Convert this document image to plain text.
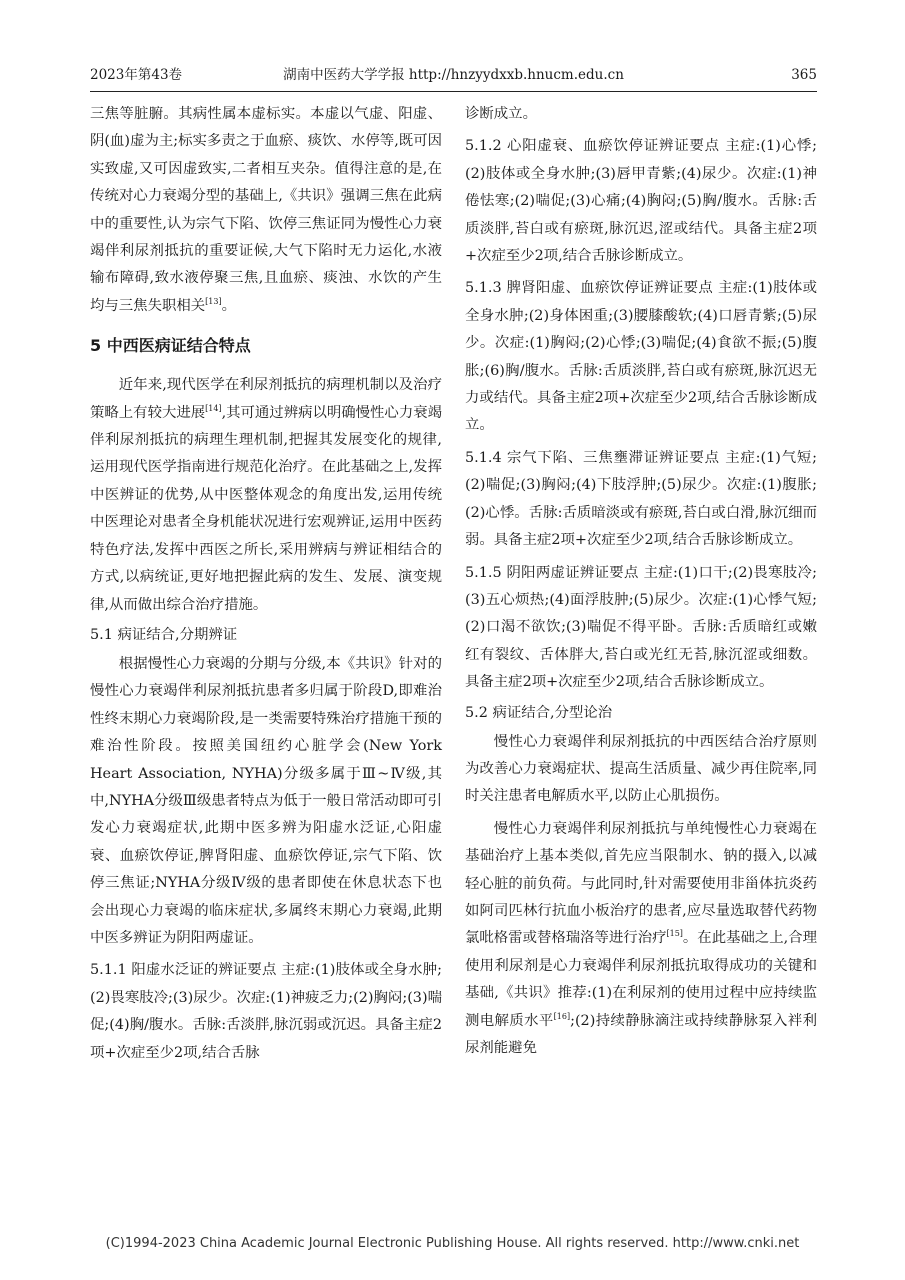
2023年第43卷	湖南中医药大学学报 http://hnzyydxxb.hnucm.edu.cn	365

三焦等脏腑。其病性属本虚标实。本虚以气虚、阳虚、阴(血)虚为主;标实多责之于血瘀、痰饮、水停等,既可因实致虚,又可因虚致实,二者相互夹杂。值得注意的是,在传统对心力衰竭分型的基础上,《共识》强调三焦在此病中的重要性,认为宗气下陷、饮停三焦证同为慢性心力衰竭伴利尿剂抵抗的重要证候,大气下陷时无力运化,水液输布障碍,致水液停聚三焦,且血瘀、痰浊、水饮的产生均与三焦失职相关[13]。

5 中西医病证结合特点

近年来,现代医学在利尿剂抵抗的病理机制以及治疗策略上有较大进展[14],其可通过辨病以明确慢性心力衰竭伴利尿剂抵抗的病理生理机制,把握其发展变化的规律,运用现代医学指南进行规范化治疗。在此基础之上,发挥中医辨证的优势,从中医整体观念的角度出发,运用传统中医理论对患者全身机能状况进行宏观辨证,运用中医药特色疗法,发挥中西医之所长,采用辨病与辨证相结合的方式,以病统证,更好地把握此病的发生、发展、演变规律,从而做出综合治疗措施。

5.1 病证结合,分期辨证

根据慢性心力衰竭的分期与分级,本《共识》针对的慢性心力衰竭伴利尿剂抵抗患者多归属于阶段D,即难治性终末期心力衰竭阶段,是一类需要特殊治疗措施干预的难治性阶段。按照美国纽约心脏学会(New York Heart Association, NYHA)分级多属于Ⅲ~Ⅳ级,其中,NYHA分级Ⅲ级患者特点为低于一般日常活动即可引发心力衰竭症状,此期中医多辨为阳虚水泛证,心阳虚衰、血瘀饮停证,脾肾阳虚、血瘀饮停证,宗气下陷、饮停三焦证;NYHA分级Ⅳ级的患者即使在休息状态下也会出现心力衰竭的临床症状,多属终末期心力衰竭,此期中医多辨证为阴阳两虚证。

5.1.1 阳虚水泛证的辨证要点 主症:(1)肢体或全身水肿;(2)畏寒肢冷;(3)尿少。次症:(1)神疲乏力;(2)胸闷;(3)喘促;(4)胸/腹水。舌脉:舌淡胖,脉沉弱或沉迟。具备主症2项+次症至少2项,结合舌脉

诊断成立。

5.1.2 心阳虚衰、血瘀饮停证辨证要点 主症:(1)心悸;(2)肢体或全身水肿;(3)唇甲青紫;(4)尿少。次症:(1)神倦怯寒;(2)喘促;(3)心痛;(4)胸闷;(5)胸/腹水。舌脉:舌质淡胖,苔白或有瘀斑,脉沉迟,涩或结代。具备主症2项+次症至少2项,结合舌脉诊断成立。

5.1.3 脾肾阳虚、血瘀饮停证辨证要点 主症:(1)肢体或全身水肿;(2)身体困重;(3)腰膝酸软;(4)口唇青紫;(5)尿少。次症:(1)胸闷;(2)心悸;(3)喘促;(4)食欲不振;(5)腹胀;(6)胸/腹水。舌脉:舌质淡胖,苔白或有瘀斑,脉沉迟无力或结代。具备主症2项+次症至少2项,结合舌脉诊断成立。

5.1.4 宗气下陷、三焦壅滞证辨证要点 主症:(1)气短;(2)喘促;(3)胸闷;(4)下肢浮肿;(5)尿少。次症:(1)腹胀;(2)心悸。舌脉:舌质暗淡或有瘀斑,苔白或白滑,脉沉细而弱。具备主症2项+次症至少2项,结合舌脉诊断成立。

5.1.5 阴阳两虚证辨证要点 主症:(1)口干;(2)畏寒肢冷;(3)五心烦热;(4)面浮肢肿;(5)尿少。次症:(1)心悸气短;(2)口渴不欲饮;(3)喘促不得平卧。舌脉:舌质暗红或嫩红有裂纹、舌体胖大,苔白或光红无苔,脉沉涩或细数。具备主症2项+次症至少2项,结合舌脉诊断成立。

5.2 病证结合,分型论治

慢性心力衰竭伴利尿剂抵抗的中西医结合治疗原则为改善心力衰竭症状、提高生活质量、减少再住院率,同时关注患者电解质水平,以防止心肌损伤。

慢性心力衰竭伴利尿剂抵抗与单纯慢性心力衰竭在基础治疗上基本类似,首先应当限制水、钠的摄入,以减轻心脏的前负荷。与此同时,针对需要使用非甾体抗炎药如阿司匹林行抗血小板治疗的患者,应尽量选取替代药物氯吡格雷或替格瑞洛等进行治疗[15]。在此基础之上,合理使用利尿剂是心力衰竭伴利尿剂抵抗取得成功的关键和基础,《共识》推荐:(1)在利尿剂的使用过程中应持续监测电解质水平[16];(2)持续静脉滴注或持续静脉泵入袢利尿剂能避免

(C)1994-2023 China Academic Journal Electronic Publishing House. All rights reserved. http://www.cnki.net
